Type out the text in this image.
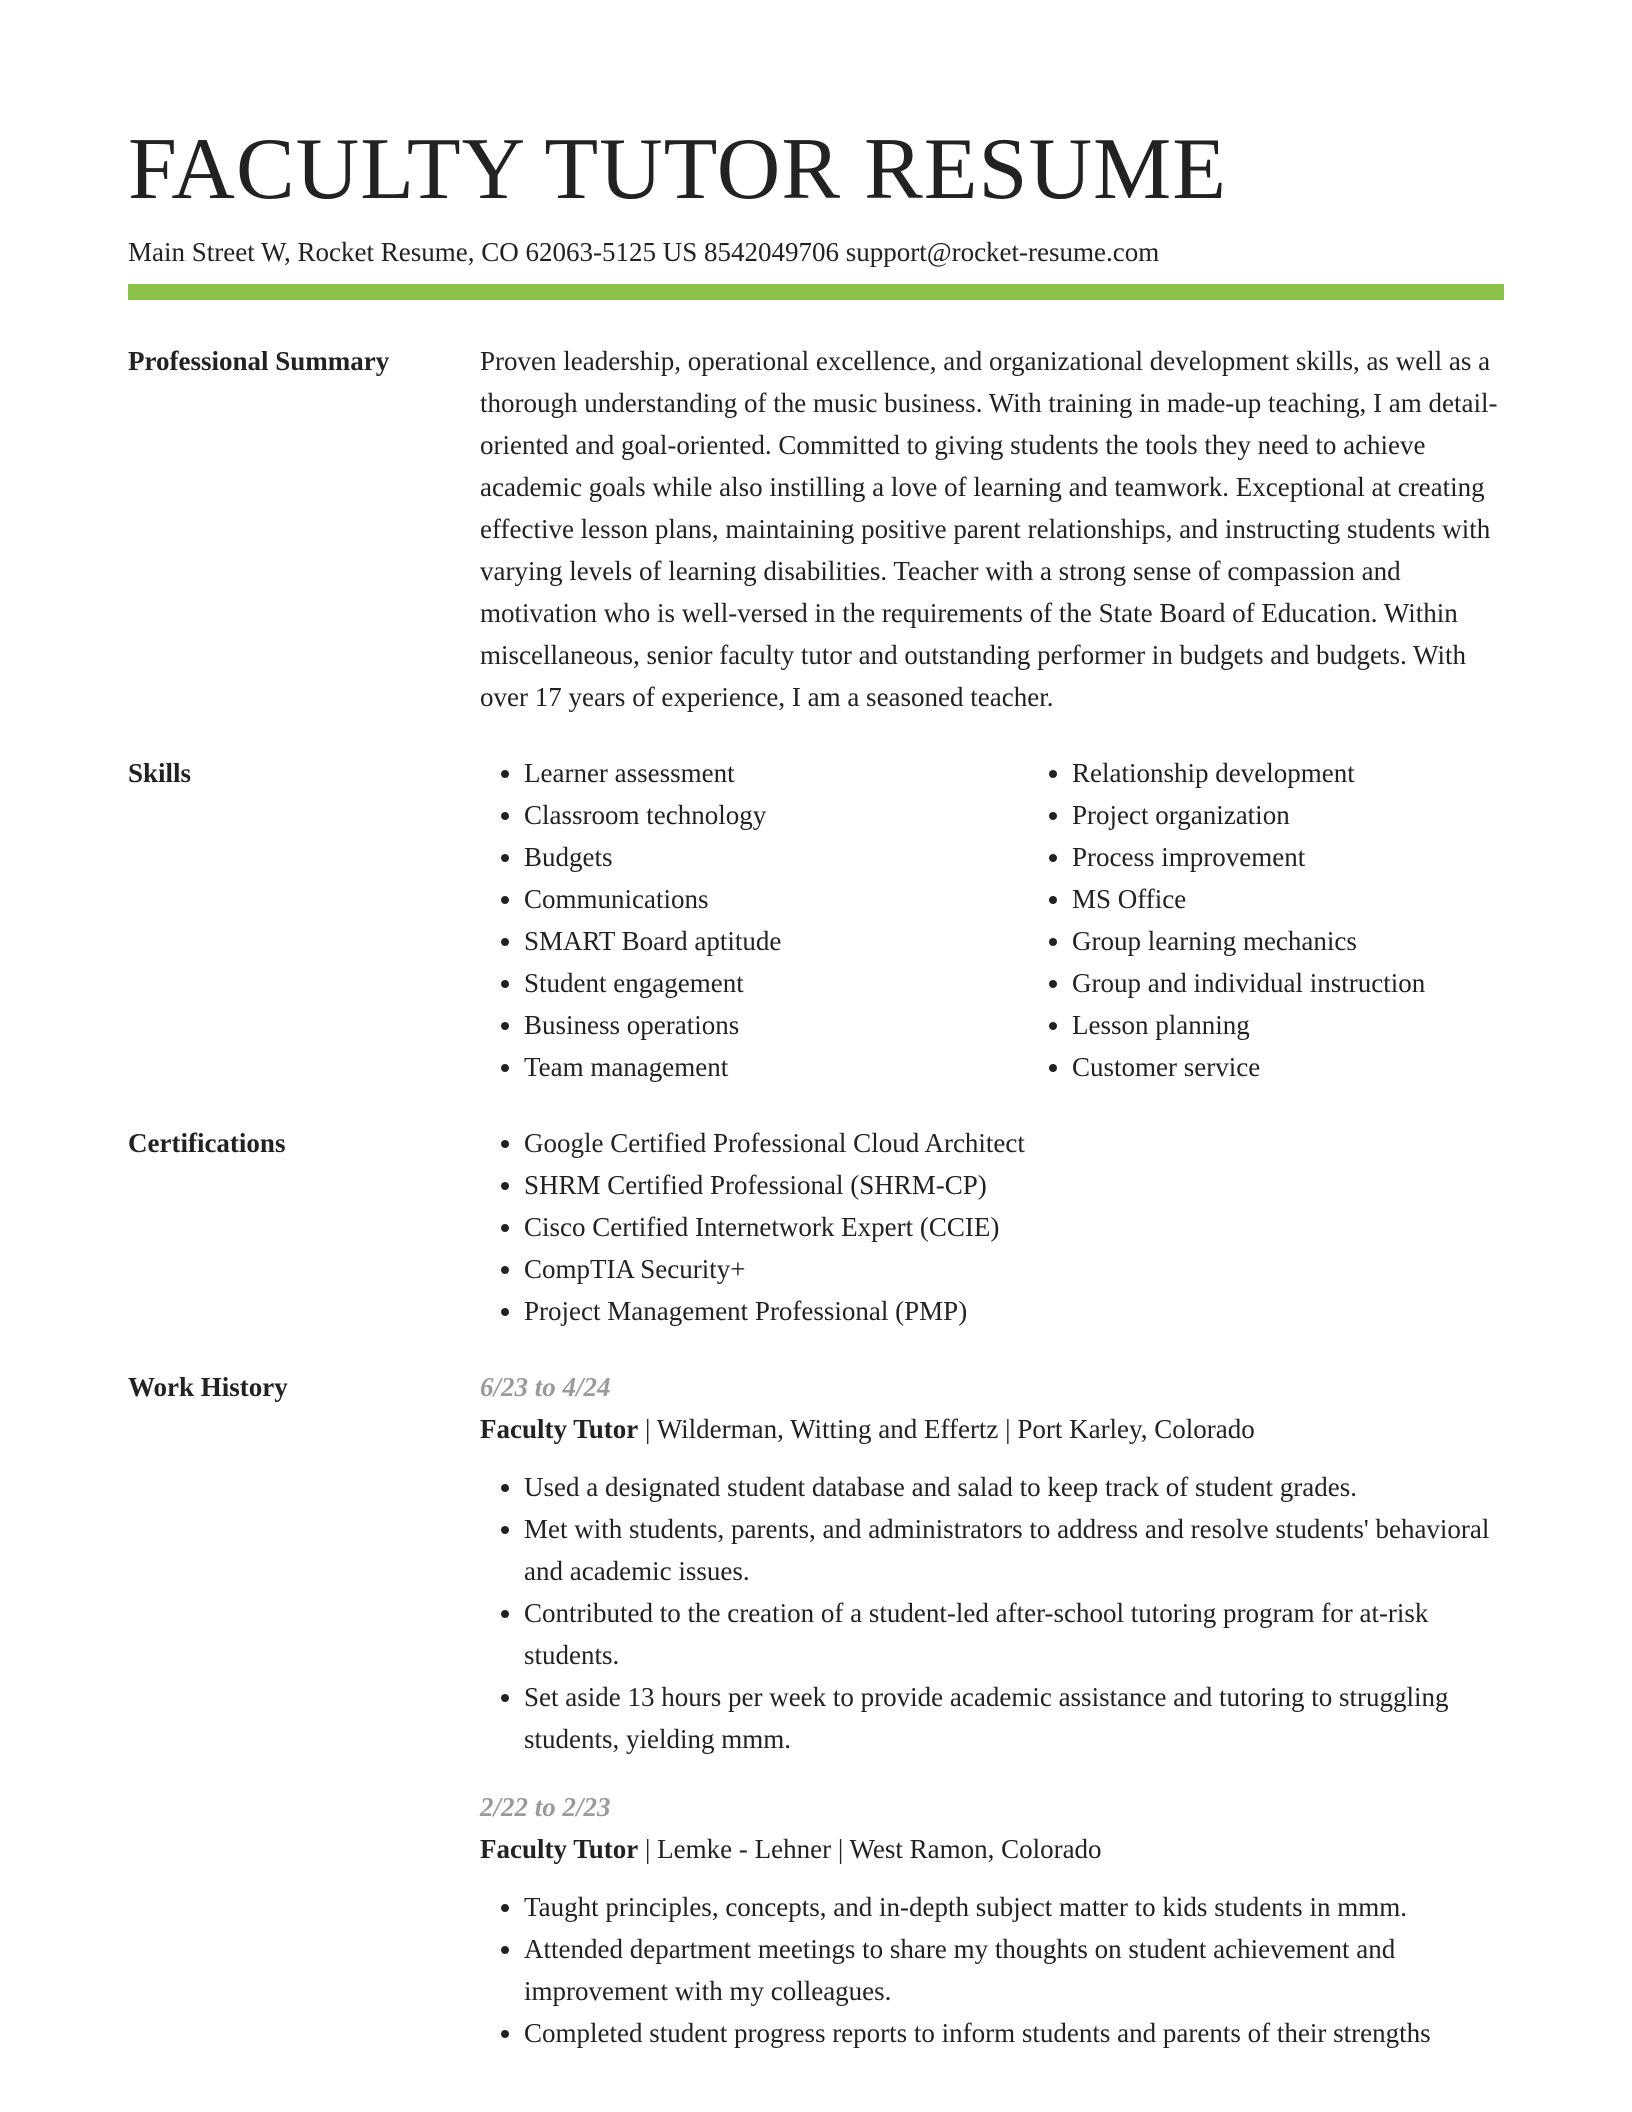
FACULTY TUTOR RESUME
Main Street W, Rocket Resume, CO 62063-5125 US 8542049706 support@rocket-resume.com
Professional Summary	Proven leadership, operational excellence, and organizational development skills, as well as a thorough understanding of the music business. With training in made-up teaching, I am detail-oriented and goal-oriented. Committed to giving students the tools they need to achieve academic goals while also instilling a love of learning and teamwork. Exceptional at creating effective lesson plans, maintaining positive parent relationships, and instructing students with varying levels of learning disabilities. Teacher with a strong sense of compassion and motivation who is well-versed in the requirements of the State Board of Education. Within miscellaneous, senior faculty tutor and outstanding performer in budgets and budgets. With over 17 years of experience, I am a seasoned teacher.

Skills	• Learner assessment
• Classroom technology
• Budgets
• Communications
• SMART Board aptitude
• Student engagement
• Business operations
• Team management
• Relationship development
• Project organization
• Process improvement
• MS Office
• Group learning mechanics
• Group and individual instruction
• Lesson planning
• Customer service
Certifications	• Google Certified Professional Cloud Architect
• SHRM Certified Professional (SHRM-CP)
• Cisco Certified Internetwork Expert (CCIE)
• CompTIA Security+
• Project Management Professional (PMP)
Work History	6/23 to 4/24
Faculty Tutor | Wilderman, Witting and Effertz | Port Karley, Colorado
• Used a designated student database and salad to keep track of student grades.
• Met with students, parents, and administrators to address and resolve students' behavioral and academic issues.
• Contributed to the creation of a student-led after-school tutoring program for at-risk students.
• Set aside 13 hours per week to provide academic assistance and tutoring to struggling students, yielding mmm.
2/22 to 2/23
Faculty Tutor | Lemke - Lehner | West Ramon, Colorado
• Taught principles, concepts, and in-depth subject matter to kids students in mmm.
• Attended department meetings to share my thoughts on student achievement and improvement with my colleagues.
• Completed student progress reports to inform students and parents of their strengths
